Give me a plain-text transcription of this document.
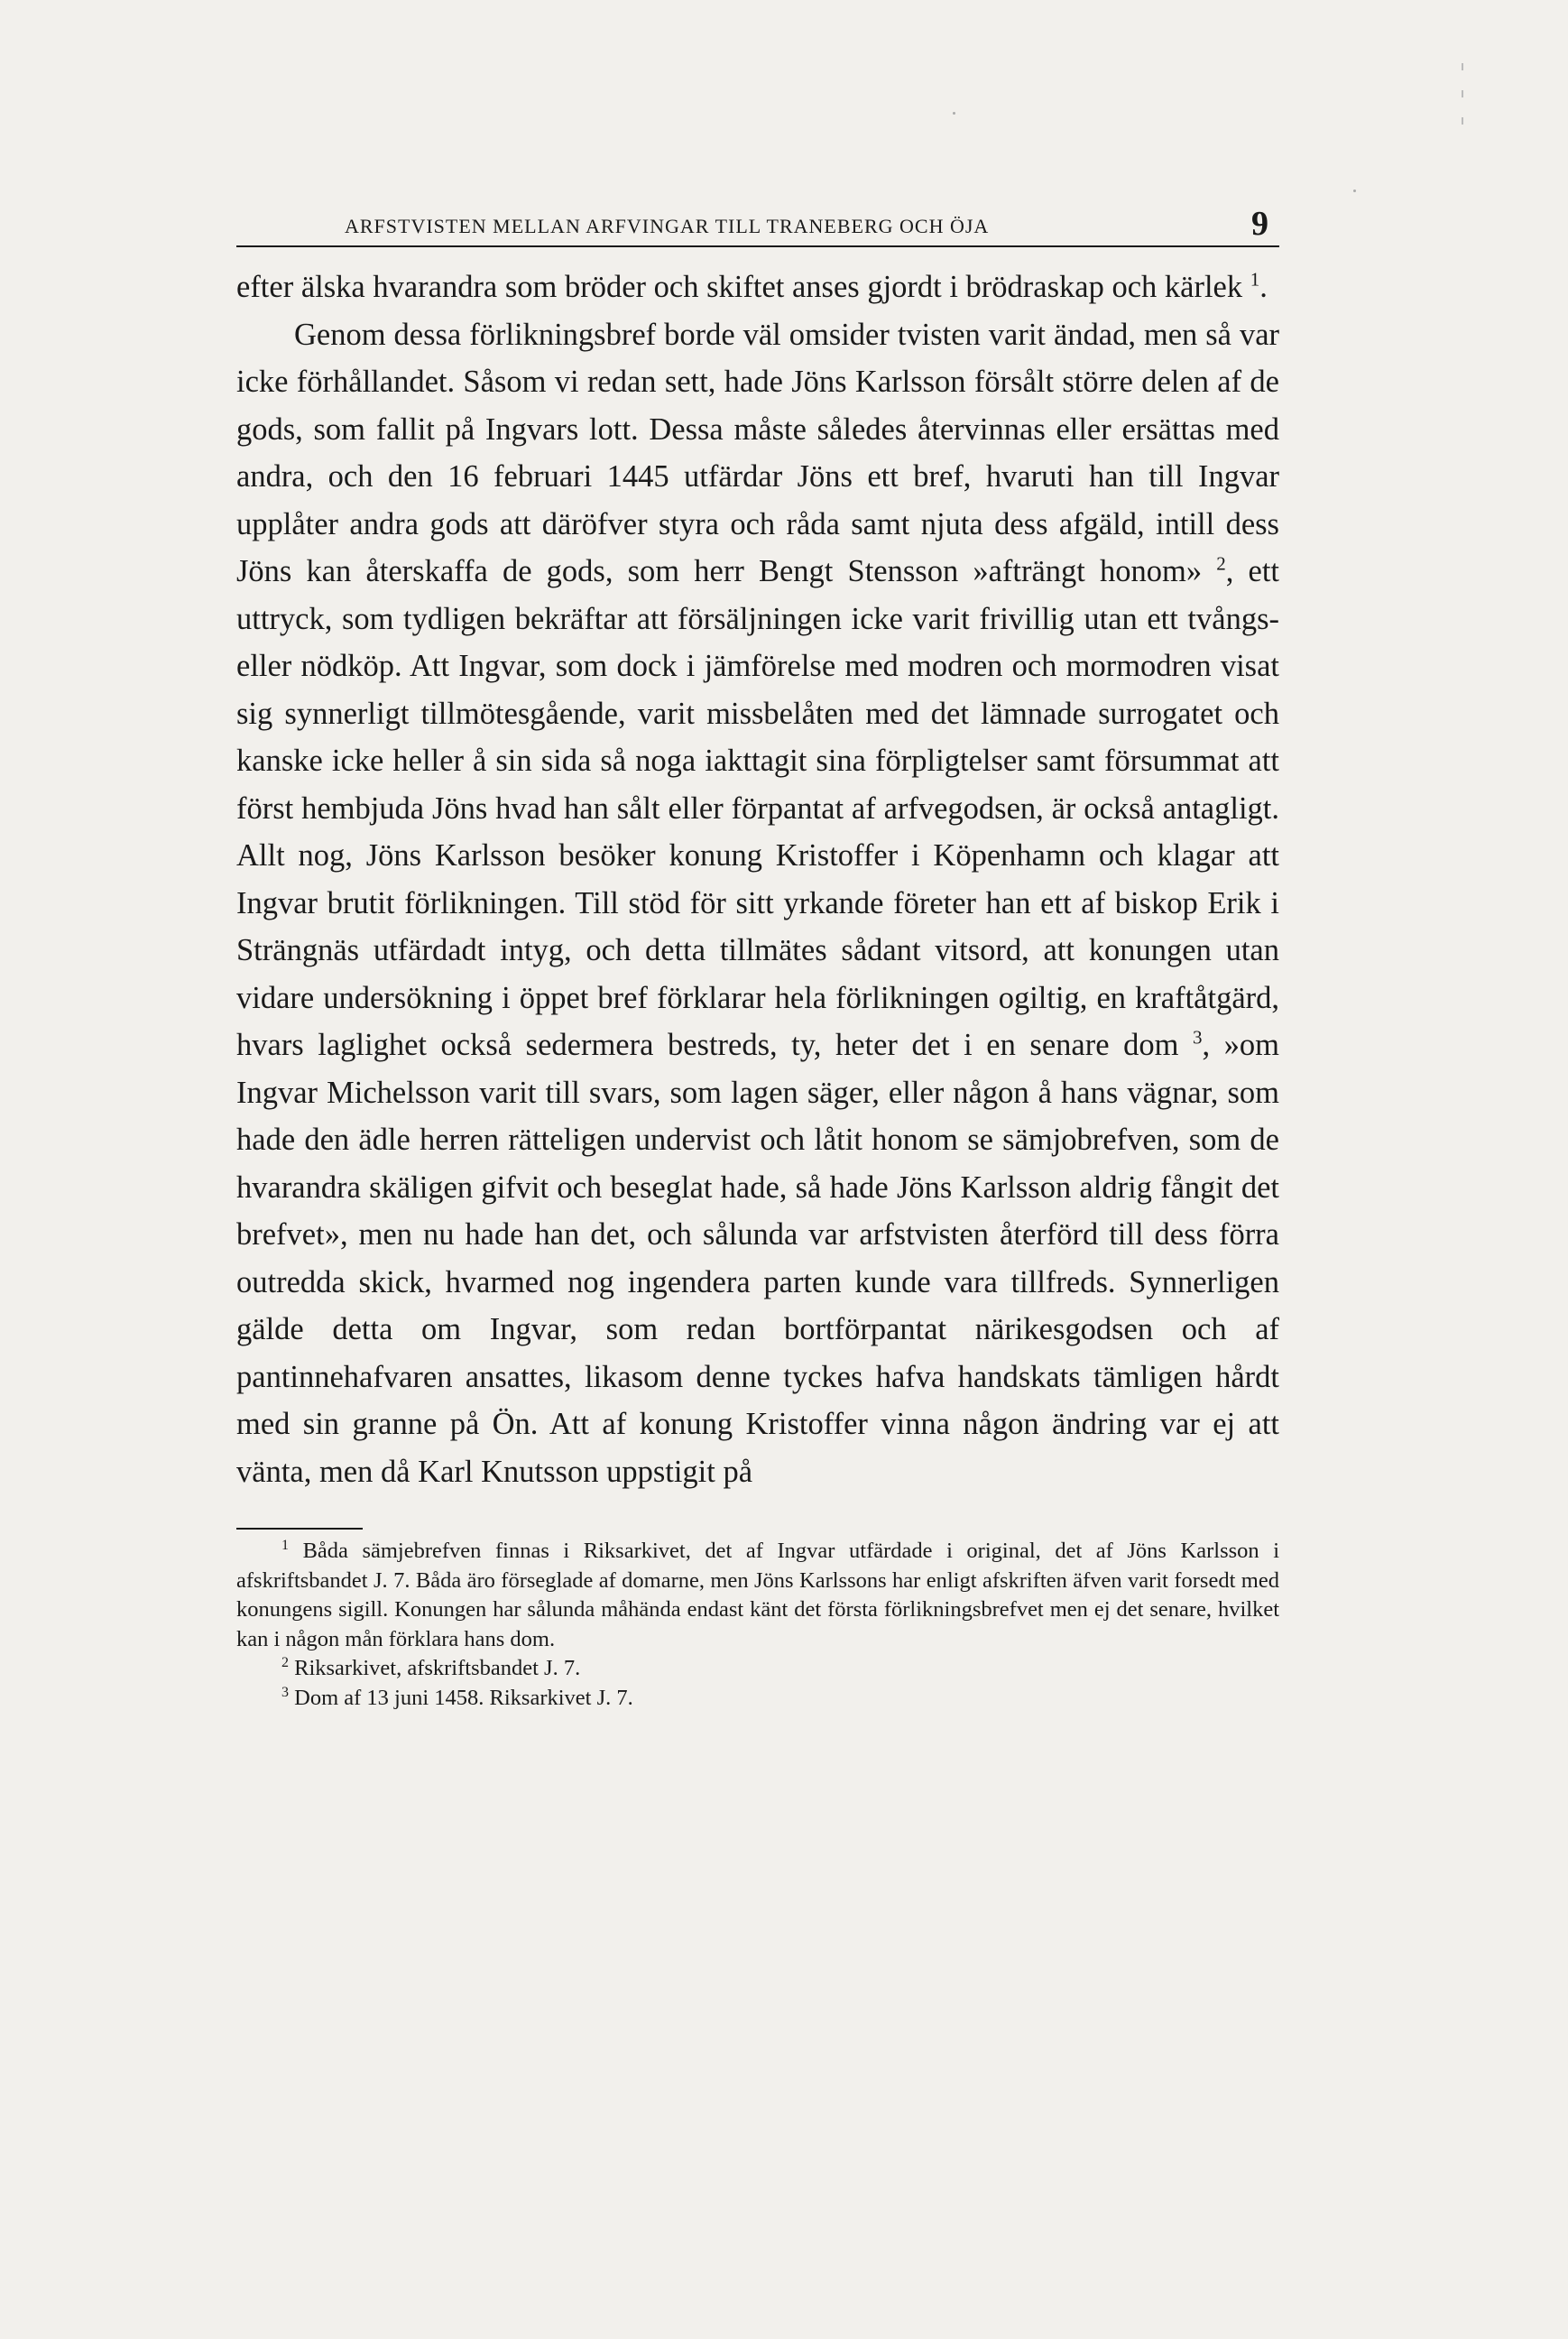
ARFSTVISTEN MELLAN ARFVINGAR TILL TRANEBERG OCH ÖJA	9

efter älska hvarandra som bröder och skiftet anses gjordt i brödraskap och kärlek $^1$.

Genom dessa förlikningsbref borde väl omsider tvisten varit ändad, men så var icke förhållandet. Såsom vi redan sett, hade Jöns Karlsson försålt större delen af de gods, som fallit på Ingvars lott. Dessa måste således återvinnas eller ersättas med andra, och den 16 februari 1445 utfärdar Jöns ett bref, hvaruti han till Ingvar upplåter andra gods att däröfver styra och råda samt njuta dess afgäld, intill dess Jöns kan återskaffa de gods, som herr Bengt Stensson »afträngt honom» $^2$, ett uttryck, som tydligen bekräftar att försäljningen icke varit frivillig utan ett tvångs- eller nödköp. Att Ingvar, som dock i jämförelse med modren och mormodren visat sig synnerligt tillmötesgående, varit missbelåten med det lämnade surrogatet och kanske icke heller å sin sida så noga iakttagit sina förpligtelser samt försummat att först hembjuda Jöns hvad han sålt eller förpantat af arfvegodsen, är också antagligt. Allt nog, Jöns Karlsson besöker konung Kristoffer i Köpenhamn och klagar att Ingvar brutit förlikningen. Till stöd för sitt yrkande företer han ett af biskop Erik i Strängnäs utfärdadt intyg, och detta tillmätes sådant vitsord, att konungen utan vidare undersökning i öppet bref förklarar hela förlikningen ogiltig, en kraftåtgärd, hvars laglighet också sedermera bestreds, ty, heter det i en senare dom $^3$, »om Ingvar Michelsson varit till svars, som lagen säger, eller någon å hans vägnar, som hade den ädle herren rätteligen undervist och låtit honom se sämjobrefven, som de hvarandra skäligen gifvit och beseglat hade, så hade Jöns Karlsson aldrig fångit det brefvet», men nu hade han det, och sålunda var arfstvisten återförd till dess förra outredda skick, hvarmed nog ingendera parten kunde vara tillfreds. Synnerligen gälde detta om Ingvar, som redan bortförpantat närikesgodsen och af pantinnehafvaren ansattes, likasom denne tyckes hafva handskats tämligen hårdt med sin granne på Ön. Att af konung Kristoffer vinna någon ändring var ej att vänta, men då Karl Knutsson uppstigit på

$^1$ Båda sämjebrefven finnas i Riksarkivet, det af Ingvar utfärdade i original, det af Jöns Karlsson i afskriftsbandet J. 7. Båda äro förseglade af domarne, men Jöns Karlssons har enligt afskriften äfven varit forsedt med konungens sigill. Konungen har sålunda måhända endast känt det första förlikningsbrefvet men ej det senare, hvilket kan i någon mån förklara hans dom.

$^2$ Riksarkivet, afskriftsbandet J. 7.

$^3$ Dom af 13 juni 1458. Riksarkivet J. 7.
